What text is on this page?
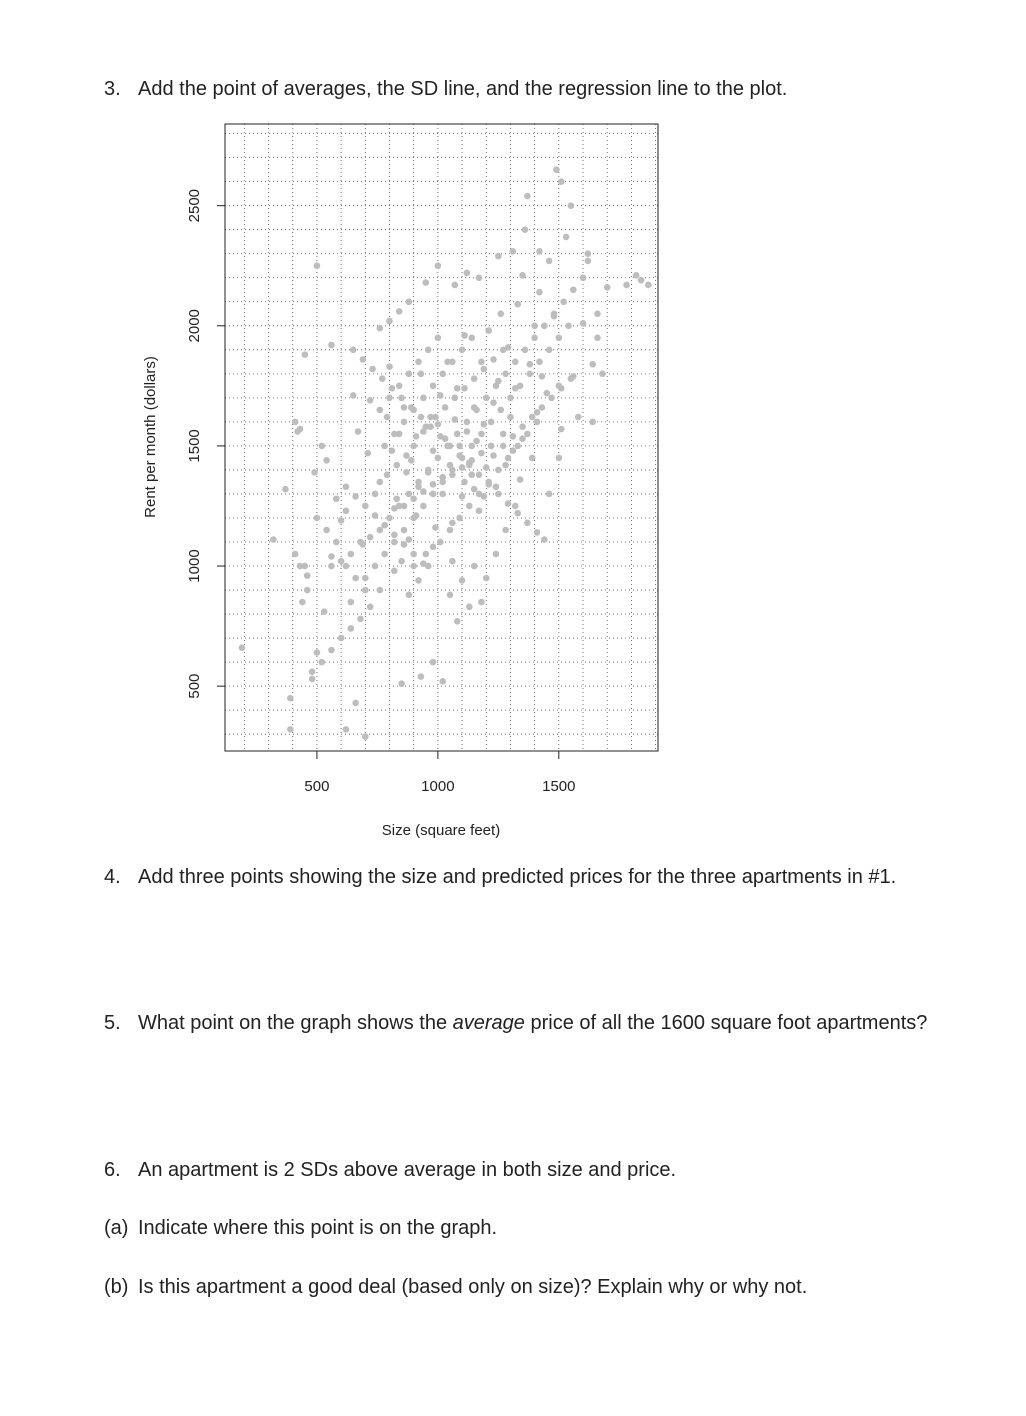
3. Add the point of averages, the SD line, and the regression line to the plot.
500	1000	1500
500
1000
1500
2000
2500
Size (square feet)
Rent per month (dollars)
4. Add three points showing the size and predicted prices for the three apartments in #1.
5. What point on the graph shows the average price of all the 1600 square foot apartments?
6. An apartment is 2 SDs above average in both size and price.
(a) Indicate where this point is on the graph.
(b) Is this apartment a good deal (based only on size)? Explain why or why not.
